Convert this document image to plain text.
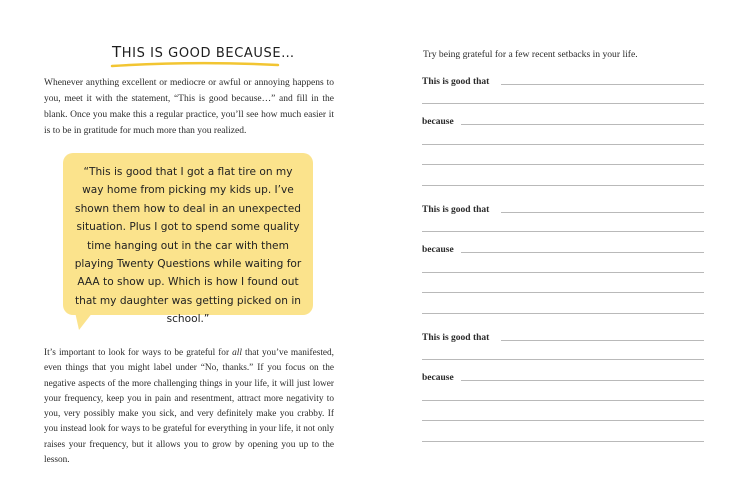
THIS IS GOOD BECAUSE…

Whenever anything excellent or mediocre or awful or annoying happens to you, meet it with the statement, “This is good because…” and fill in the blank. Once you make this a regular practice, you’ll see how much easier it is to be in gratitude for much more than you realized.

“This is good that I got a flat tire on my way home from picking my kids up. I’ve shown them how to deal in an unexpected situation. Plus I got to spend some quality time hanging out in the car with them playing Twenty Questions while waiting for AAA to show up. Which is how I found out that my daughter was getting picked on in school.”

It’s important to look for ways to be grateful for all that you’ve manifested, even things that you might label under “No, thanks.” If you focus on the negative aspects of the more challenging things in your life, it will just lower your frequency, keep you in pain and resentment, attract more negativity to you, very possibly make you sick, and very definitely make you crabby. If you instead look for ways to be grateful for everything in your life, it not only raises your frequency, but it allows you to grow by opening you up to the lesson.

Try being grateful for a few recent setbacks in your life.
This is good that
because
This is good that
because
This is good that
because
